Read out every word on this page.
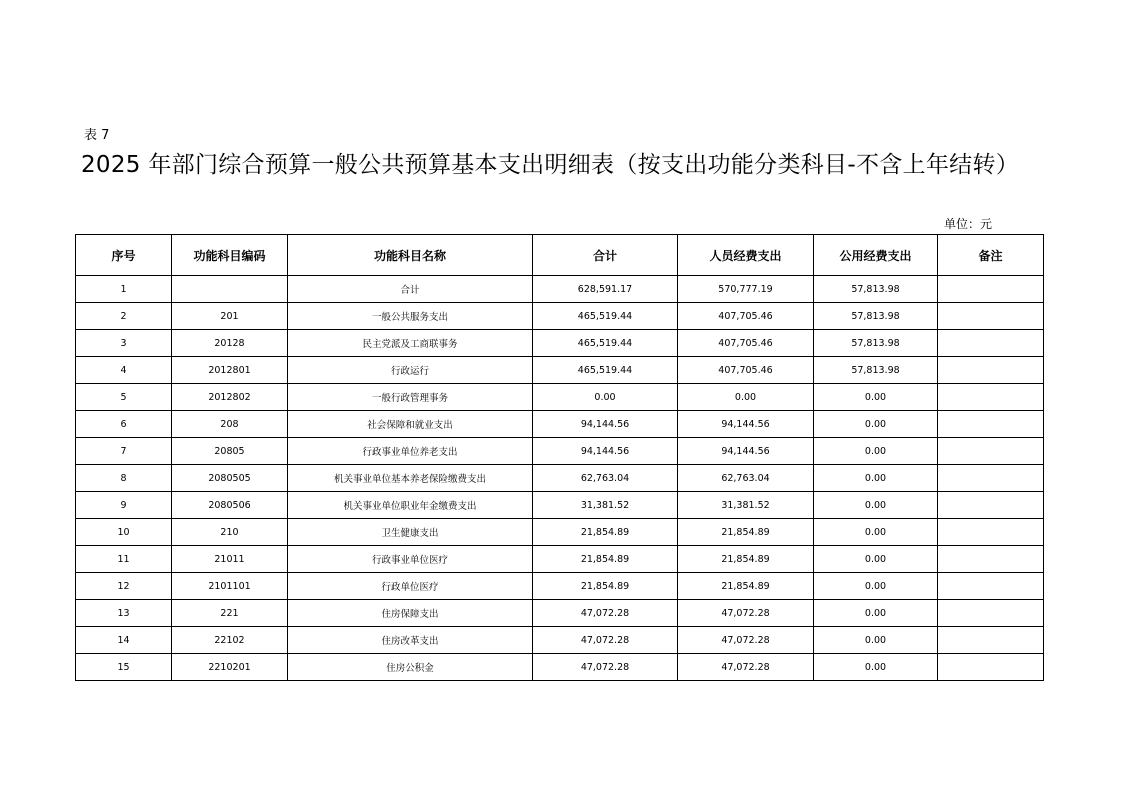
表 7
2025 年部门综合预算一般公共预算基本支出明细表（按支出功能分类科目-不含上年结转）
单位：元
序号	功能科目编码	功能科目名称	合计	人员经费支出	公用经费支出	备注
1		合计	628,591.17	570,777.19	57,813.98	
2	201	一般公共服务支出	465,519.44	407,705.46	57,813.98	
3	20128	民主党派及工商联事务	465,519.44	407,705.46	57,813.98	
4	2012801	行政运行	465,519.44	407,705.46	57,813.98	
5	2012802	一般行政管理事务	0.00	0.00	0.00	
6	208	社会保障和就业支出	94,144.56	94,144.56	0.00	
7	20805	行政事业单位养老支出	94,144.56	94,144.56	0.00	
8	2080505	机关事业单位基本养老保险缴费支出	62,763.04	62,763.04	0.00	
9	2080506	机关事业单位职业年金缴费支出	31,381.52	31,381.52	0.00	
10	210	卫生健康支出	21,854.89	21,854.89	0.00	
11	21011	行政事业单位医疗	21,854.89	21,854.89	0.00	
12	2101101	行政单位医疗	21,854.89	21,854.89	0.00	
13	221	住房保障支出	47,072.28	47,072.28	0.00	
14	22102	住房改革支出	47,072.28	47,072.28	0.00	
15	2210201	住房公积金	47,072.28	47,072.28	0.00	
